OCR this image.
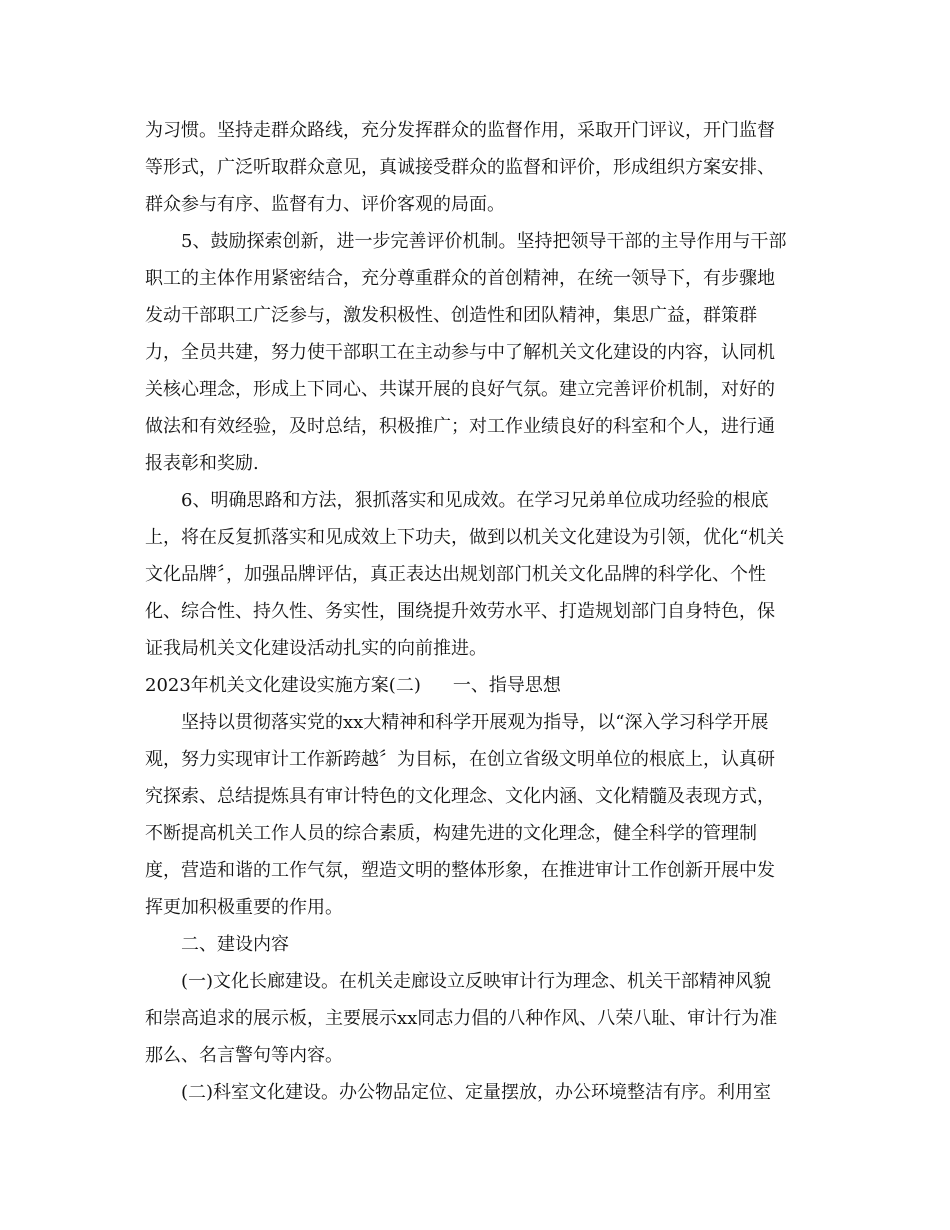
为习惯。坚持走群众路线，充分发挥群众的监督作用，采取开门评议，开门监督
等形式，广泛听取群众意见，真诚接受群众的监督和评价，形成组织方案安排、
群众参与有序、监督有力、评价客观的局面。
5、鼓励探索创新，进一步完善评价机制。坚持把领导干部的主导作用与干部
职工的主体作用紧密结合，充分尊重群众的首创精神，在统一领导下，有步骤地
发动干部职工广泛参与，激发积极性、创造性和团队精神，集思广益，群策群
力，全员共建，努力使干部职工在主动参与中了解机关文化建设的内容，认同机
关核心理念，形成上下同心、共谋开展的良好气氛。建立完善评价机制，对好的
做法和有效经验，及时总结，积极推广；对工作业绩良好的科室和个人，进行通
报表彰和奖励.
6、明确思路和方法，狠抓落实和见成效。在学习兄弟单位成功经验的根底
上，将在反复抓落实和见成效上下功夫，做到以机关文化建设为引领，优化“机关
文化品牌〞，加强品牌评估，真正表达出规划部门机关文化品牌的科学化、个性
化、综合性、持久性、务实性，围绕提升效劳水平、打造规划部门自身特色，保
证我局机关文化建设活动扎实的向前推进。
2023年机关文化建设实施方案(二) 一、指导思想
坚持以贯彻落实党的xx大精神和科学开展观为指导，以“深入学习科学开展
观，努力实现审计工作新跨越〞为目标，在创立省级文明单位的根底上，认真研
究探索、总结提炼具有审计特色的文化理念、文化内涵、文化精髓及表现方式，
不断提高机关工作人员的综合素质，构建先进的文化理念，健全科学的管理制
度，营造和谐的工作气氛，塑造文明的整体形象，在推进审计工作创新开展中发
挥更加积极重要的作用。
二、建设内容
(一)文化长廊建设。在机关走廊设立反映审计行为理念、机关干部精神风貌
和崇高追求的展示板，主要展示xx同志力倡的八种作风、八荣八耻、审计行为准
那么、名言警句等内容。
(二)科室文化建设。办公物品定位、定量摆放，办公环境整洁有序。利用室
